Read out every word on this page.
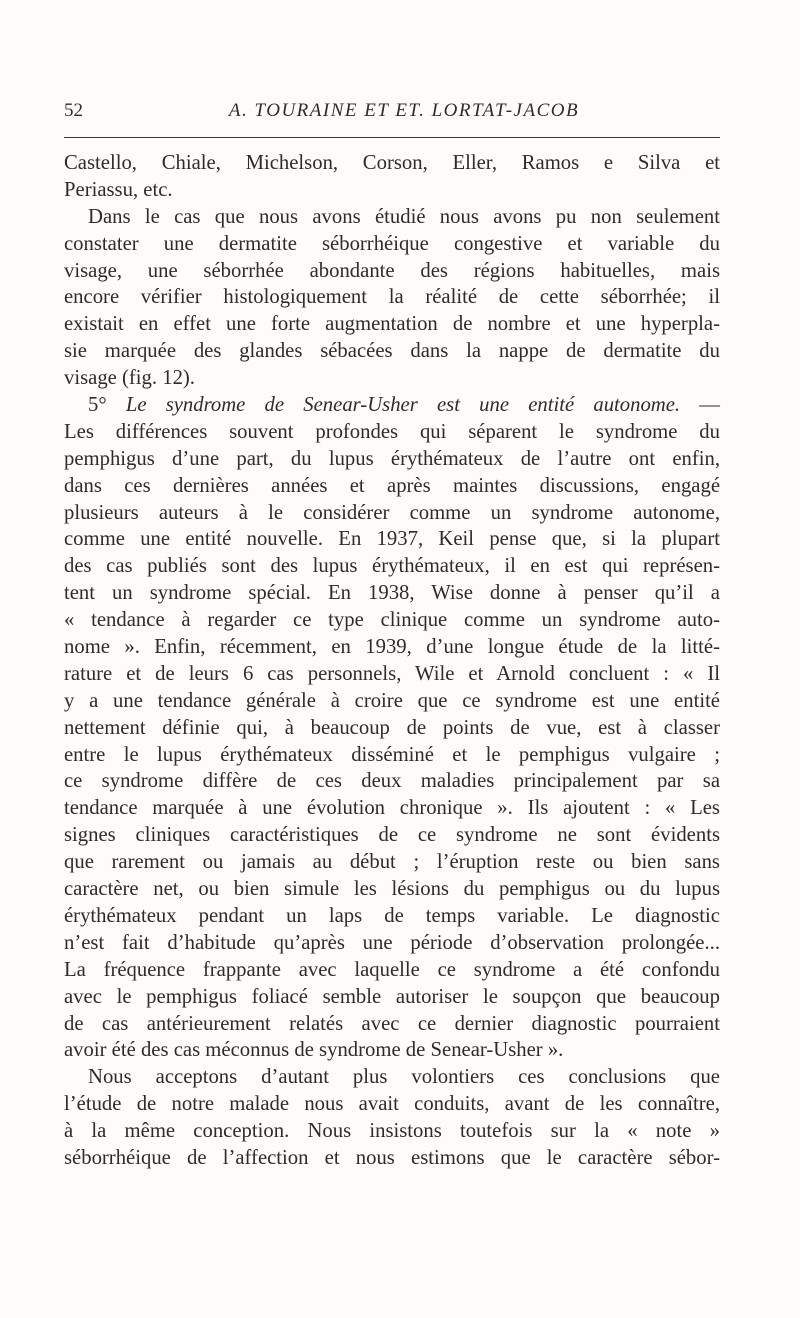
52	A. TOURAINE ET ET. LORTAT-JACOB
Castello, Chiale, Michelson, Corson, Eller, Ramos e Silva et
Periassu, etc.
Dans le cas que nous avons étudié nous avons pu non seulement
constater une dermatite séborrhéique congestive et variable du
visage, une séborrhée abondante des régions habituelles, mais
encore vérifier histologiquement la réalité de cette séborrhée; il
existait en effet une forte augmentation de nombre et une hyperpla-
sie marquée des glandes sébacées dans la nappe de dermatite du
visage (fig. 12).
5° Le syndrome de Senear-Usher est une entité autonome. —
Les différences souvent profondes qui séparent le syndrome du
pemphigus d’une part, du lupus érythémateux de l’autre ont enfin,
dans ces dernières années et après maintes discussions, engagé
plusieurs auteurs à le considérer comme un syndrome autonome,
comme une entité nouvelle. En 1937, Keil pense que, si la plupart
des cas publiés sont des lupus érythémateux, il en est qui représen-
tent un syndrome spécial. En 1938, Wise donne à penser qu’il a
« tendance à regarder ce type clinique comme un syndrome auto-
nome ». Enfin, récemment, en 1939, d’une longue étude de la litté-
rature et de leurs 6 cas personnels, Wile et Arnold concluent : « Il
y a une tendance générale à croire que ce syndrome est une entité
nettement définie qui, à beaucoup de points de vue, est à classer
entre le lupus érythémateux disséminé et le pemphigus vulgaire ;
ce syndrome diffère de ces deux maladies principalement par sa
tendance marquée à une évolution chronique ». Ils ajoutent : « Les
signes cliniques caractéristiques de ce syndrome ne sont évidents
que rarement ou jamais au début ; l’éruption reste ou bien sans
caractère net, ou bien simule les lésions du pemphigus ou du lupus
érythémateux pendant un laps de temps variable. Le diagnostic
n’est fait d’habitude qu’après une période d’observation prolongée...
La fréquence frappante avec laquelle ce syndrome a été confondu
avec le pemphigus foliacé semble autoriser le soupçon que beaucoup
de cas antérieurement relatés avec ce dernier diagnostic pourraient
avoir été des cas méconnus de syndrome de Senear-Usher ».
Nous acceptons d’autant plus volontiers ces conclusions que
l’étude de notre malade nous avait conduits, avant de les connaître,
à la même conception. Nous insistons toutefois sur la « note »
séborrhéique de l’affection et nous estimons que le caractère sébor-
